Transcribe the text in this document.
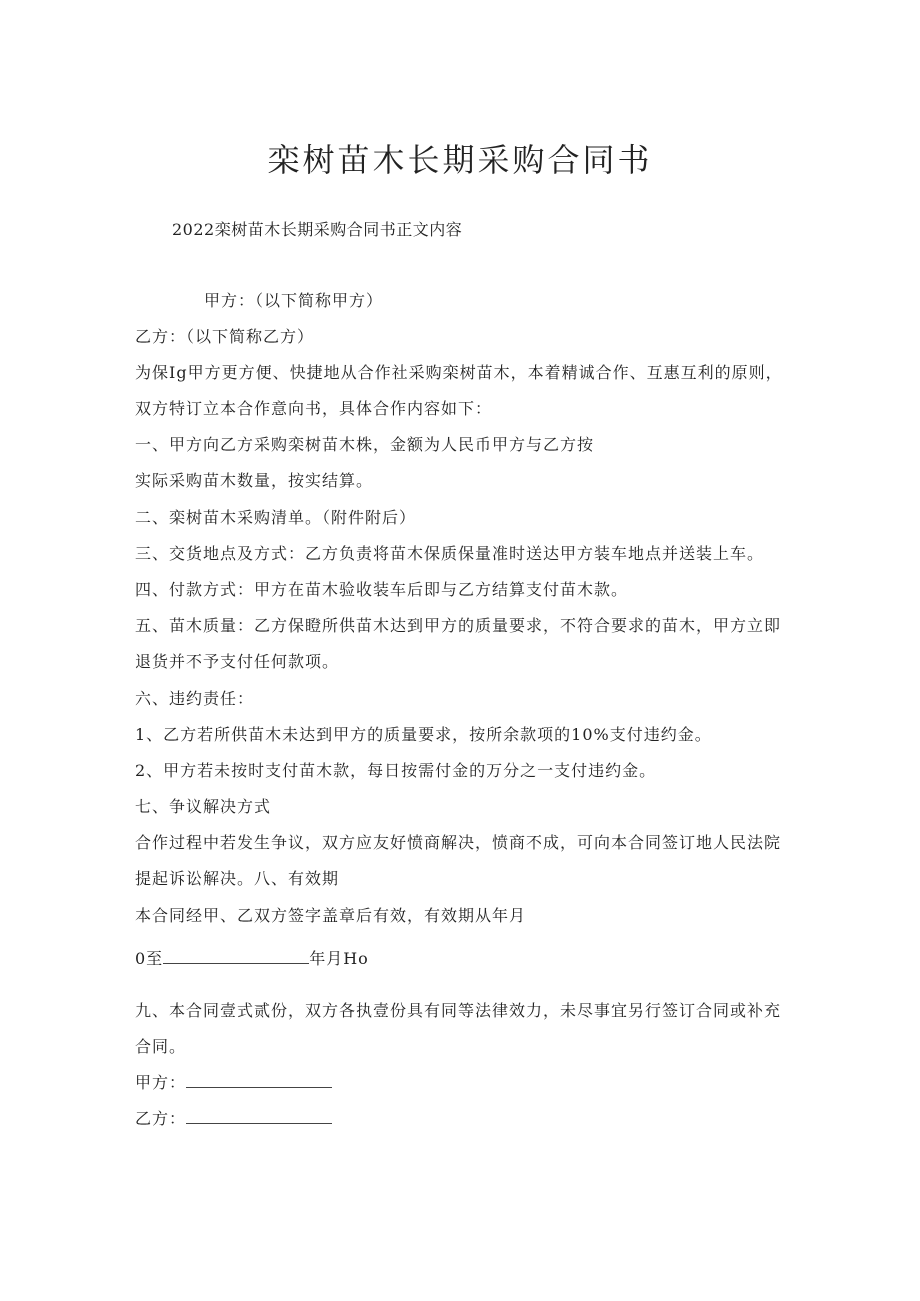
栾树苗木长期采购合同书
2022栾树苗木长期采购合同书正文内容
甲方：（以下简称甲方）
乙方：（以下简称乙方）
为保Ig甲方更方便、快捷地从合作社采购栾树苗木，本着精诚合作、互惠互利的原则，
双方特订立本合作意向书，具体合作内容如下：
一、甲方向乙方采购栾树苗木株，金额为人民币甲方与乙方按
实际采购苗木数量，按实结算。
二、栾树苗木采购清单。（附件附后）
三、交货地点及方式：乙方负责将苗木保质保量准时送达甲方装车地点并送装上车。
四、付款方式：甲方在苗木验收装车后即与乙方结算支付苗木款。
五、苗木质量：乙方保瞪所供苗木达到甲方的质量要求，不符合要求的苗木，甲方立即
退货并不予支付任何款项。
六、违约责任：
1、乙方若所供苗木未达到甲方的质量要求，按所余款项的10%支付违约金。
2、甲方若未按时支付苗木款，每日按需付金的万分之一支付违约金。
七、争议解决方式
合作过程中若发生争议，双方应友好愤商解决，愤商不成，可向本合同签订地人民法院
提起诉讼解决。八、有效期
本合同经甲、乙双方签字盖章后有效，有效期从年月
0至	年月Ho
九、本合同壹式贰份，双方各执壹份具有同等法律效力，未尽事宜另行签订合同或补充
合同。
甲方：
乙方：
